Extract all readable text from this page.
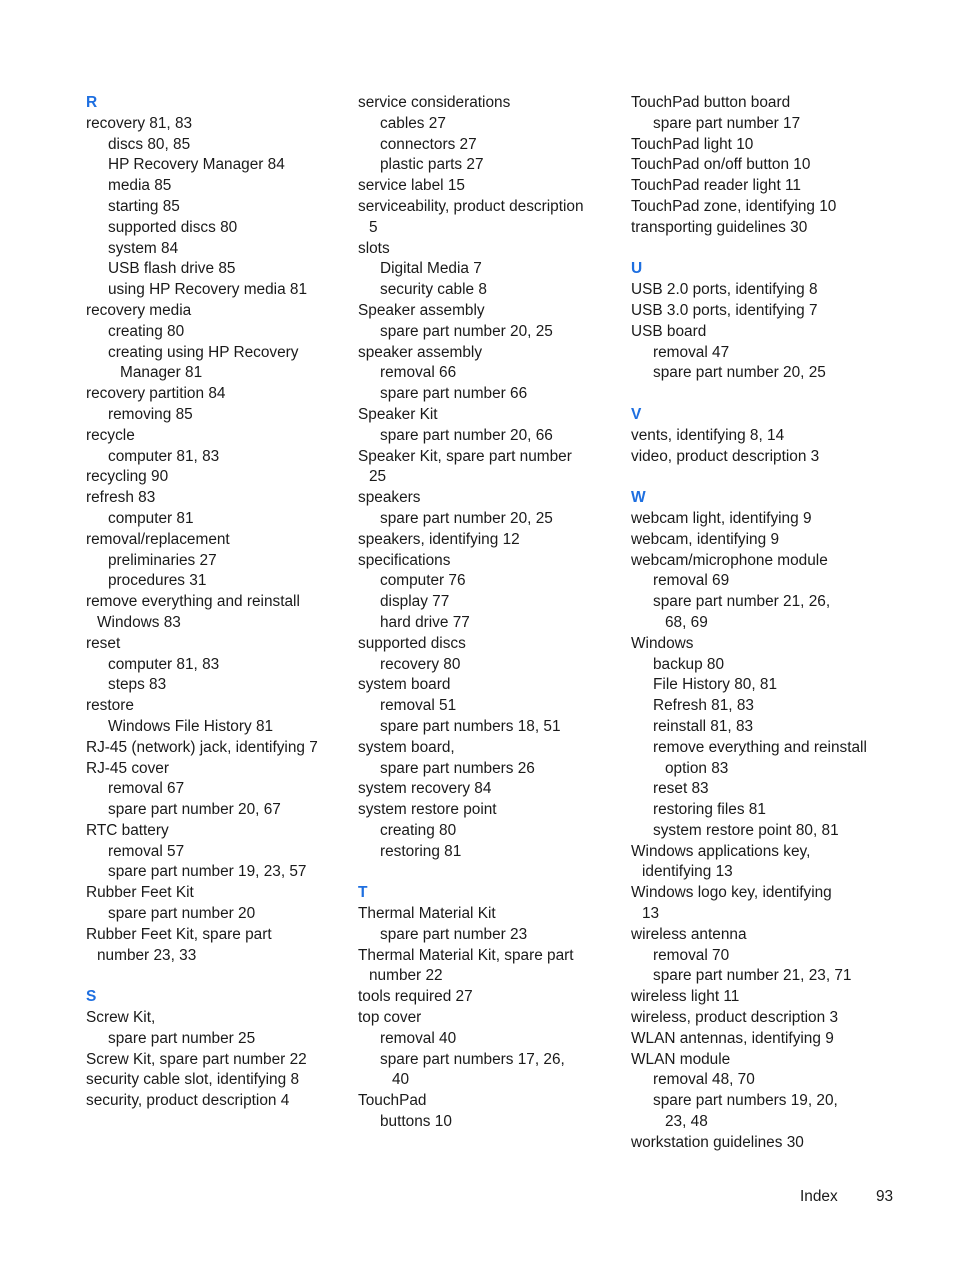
R
recovery 81, 83
discs 80, 85
HP Recovery Manager 84
media 85
starting 85
supported discs 80
system 84
USB flash drive 85
using HP Recovery media 81
recovery media
creating 80
creating using HP Recovery
Manager 81
recovery partition 84
removing 85
recycle
computer 81, 83
recycling 90
refresh 83
computer 81
removal/replacement
preliminaries 27
procedures 31
remove everything and reinstall
Windows 83
reset
computer 81, 83
steps 83
restore
Windows File History 81
RJ-45 (network) jack, identifying 7
RJ-45 cover
removal 67
spare part number 20, 67
RTC battery
removal 57
spare part number 19, 23, 57
Rubber Feet Kit
spare part number 20
Rubber Feet Kit, spare part
number 23, 33
S
Screw Kit,
spare part number 25
Screw Kit, spare part number 22
security cable slot, identifying 8
security, product description 4
service considerations
cables 27
connectors 27
plastic parts 27
service label 15
serviceability, product description
5
slots
Digital Media 7
security cable 8
Speaker assembly
spare part number 20, 25
speaker assembly
removal 66
spare part number 66
Speaker Kit
spare part number 20, 66
Speaker Kit, spare part number
25
speakers
spare part number 20, 25
speakers, identifying 12
specifications
computer 76
display 77
hard drive 77
supported discs
recovery 80
system board
removal 51
spare part numbers 18, 51
system board,
spare part numbers 26
system recovery 84
system restore point
creating 80
restoring 81
T
Thermal Material Kit
spare part number 23
Thermal Material Kit, spare part
number 22
tools required 27
top cover
removal 40
spare part numbers 17, 26,
40
TouchPad
buttons 10
TouchPad button board
spare part number 17
TouchPad light 10
TouchPad on/off button 10
TouchPad reader light 11
TouchPad zone, identifying 10
transporting guidelines 30
U
USB 2.0 ports, identifying 8
USB 3.0 ports, identifying 7
USB board
removal 47
spare part number 20, 25
V
vents, identifying 8, 14
video, product description 3
W
webcam light, identifying 9
webcam, identifying 9
webcam/microphone module
removal 69
spare part number 21, 26,
68, 69
Windows
backup 80
File History 80, 81
Refresh 81, 83
reinstall 81, 83
remove everything and reinstall
option 83
reset 83
restoring files 81
system restore point 80, 81
Windows applications key,
identifying 13
Windows logo key, identifying
13
wireless antenna
removal 70
spare part number 21, 23, 71
wireless light 11
wireless, product description 3
WLAN antennas, identifying 9
WLAN module
removal 48, 70
spare part numbers 19, 20,
23, 48
workstation guidelines 30
Index 93
